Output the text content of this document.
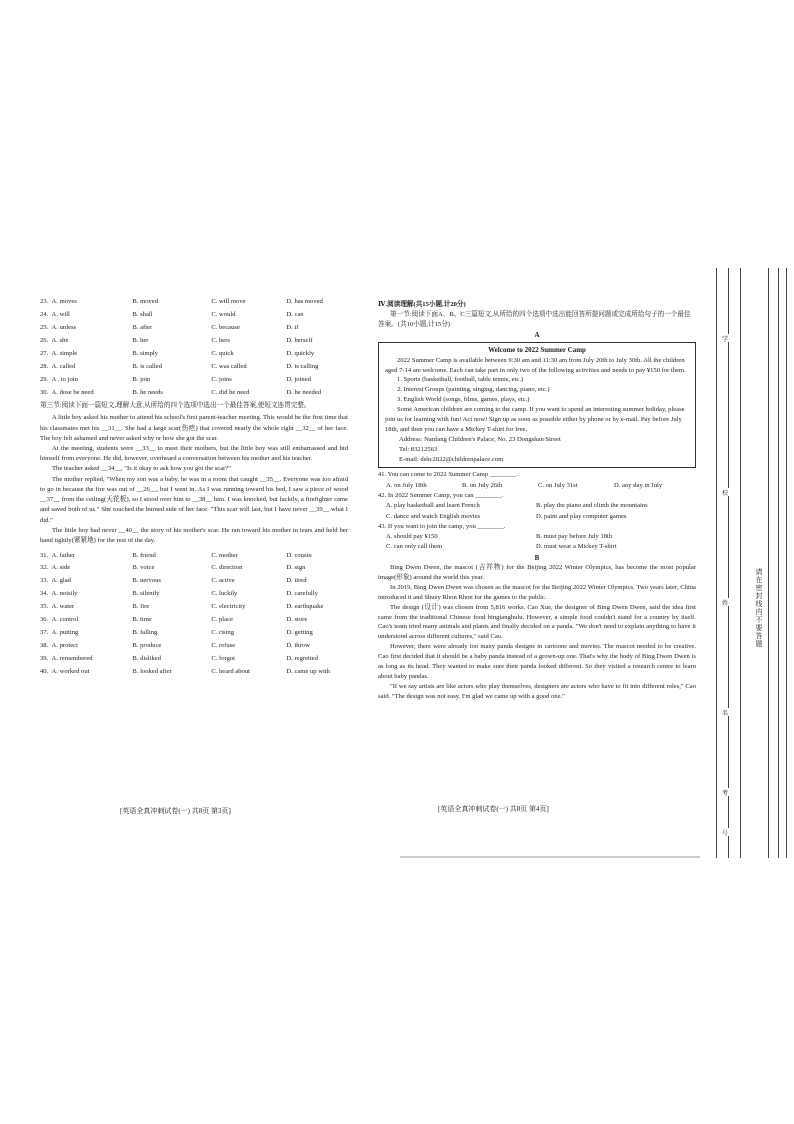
23. A. moves	B. moved	C. will move	D. has moved
24. A. will	B. shall	C. would	D. can
25. A. unless	B. after	C. because	D. if
26. A. she	B. her	C. hers	D. herself
27. A. simple	B. simply	C. quick	D. quickly
28. A. called	B. is called	C. was called	D. is calling
29. A . to join	B. join	C. joins	D. joined
30. A. dose be need	B. he needs	C. did he need	D. he needed

第三节:阅读下面一篇短文,理解大意,从所给的四个选项中选出一个最佳答案,使短文连贯完整。

A little boy asked his mother to attend his school's first parent-teacher meeting. This would be the first time that his classmates met his __31__. She had a large scar(伤疤) that covered nearly the whole right __32__ of her face. The boy felt ashamed and never asked why or how she got the scar.

At the meeting, students were __33__ to meet their mothers, but the little boy was still embarrassed and hid himself from everyone. He did, however, overheard a conversation between his mother and his teacher.

The teacher asked __34__, "Is it okay to ask how you got the scar?"

The mother replied, "When my son was a baby, he was in a room that caught __35__. Everyone was too afraid to go in because the fire was out of __26__, but I went in. As I was running toward his bed, I saw a piece of wood __37__ from the ceiling(天花板), so I stood over him to __38__ him. I was knocked, but luckily, a firefighter came and saved both of us." She touched the burned side of her face. "This scar will last, but I have never __39__ what I did."

The little boy had never __40__ the story of his mother's scar. He ran toward his mother in tears and held her hand tightly(紧紧地) for the rest of the day.

31. A. father	B. friend	C. mother	D. cousin
32. A. side	B. voice	C. direction	D. sign
33. A. glad	B. nervous	C. active	D. tired
34. A. noisily	B. silently	C. luckily	D. carefully
35. A. water	B. fire	C. electricity	D. earthquake
36. A. control	B. time	C. place	D. store
37. A. putting	B. falling	C. rising	D. getting
38. A. protect	B. produce	C. refuse	D. throw
39. A. remembered	B. disliked	C. forgot	D. regretted
40. A. worked out	B. looked after	C. heard about	D. came up with
[英语全真冲刺试卷(一) 共8页 第3页]
Ⅳ.阅读理解(共15小题,计20分)
第一节:阅读下面A、B、C三篇短文,从所给的四个选项中选出能回答所提问题或完成所给句子的一个最佳答案。(共10小题,计15分)
A
Welcome to 2022 Summer Camp
2022 Summer Camp is available between 9:30 am and 11:30 am from July 20th to July 30th. All the children aged 7-14 are welcome. Each can take part in only two of the following activities and needs to pay ¥150 for them.
1. Sports (basketball, football, table tennis, etc.)
2. Interest Groups (painting, singing, dancing, piano, etc.)
3. English World (songs, films, games, plays, etc.)
Some American children are coming to the camp. If you want to spend an interesting summer holiday, please join us for learning with fun! Act now! Sign up as soon as possible either by phone or by e-mail. Pay before July 18th, and then you can have a Mickey T-shirt for free.
Address: Nanfang Children's Palace, No. 23 Dongshan Street
Tel: 83212563
E-mail: dshc2022@childrenpalace.com
41. You can come to 2022 Summer Camp ________.
A. on July 18th	B. on July 26th	C. on July 31st	D. any day in July
42. In 2022 Summer Camp, you can ________.
A. play basketball and learn French	B. play the piano and climb the mountains
C. dance and watch English movies	D. paint and play computer games
43. If you want to join the camp, you ________.
A. should pay ¥150	B. must pay before July 18th
C. can only call them	D. must wear a Mickey T-shirt
B

Bing Dwen Dwen, the mascot (吉祥物) for the Beijing 2022 Winter Olympics, has become the most popular image(形象) around the world this year.

In 2019, Bing Dwen Dwen was chosen as the mascot for the Beijing 2022 Winter Olympics. Two years later, China introduced it and Shuey Rhon Rhon for the games to the public.

The design (设计) was chosen from 5,816 works. Cao Xue, the designer of Bing Dwen Dwen, said the idea first came from the traditional Chinese food bingtanghulu. However, a simple food couldn't stand for a country by itself. Cao's team tried many animals and plants and finally decided on a panda. "We don't need to explain anything to have it understood across different cultures," said Cao.

However, there were already too many panda designs in cartoons and movies. The mascot needed to be creative. Cao first decided that it should be a baby panda instead of a grown-up one. That's why the body of Bing Dwen Dwen is as long as its head. They wanted to make sure their panda looked different. So they visited a research centre to learn about baby pandas.

"If we say artists are like actors who play themselves, designers are actors who have to fit into different roles," Cao said. "The design was not easy. I'm glad we came up with a good one."

[英语全真冲刺试卷(一) 共8页 第4页]
请在密封线内不要答题
学
校
姓
名
考
号
